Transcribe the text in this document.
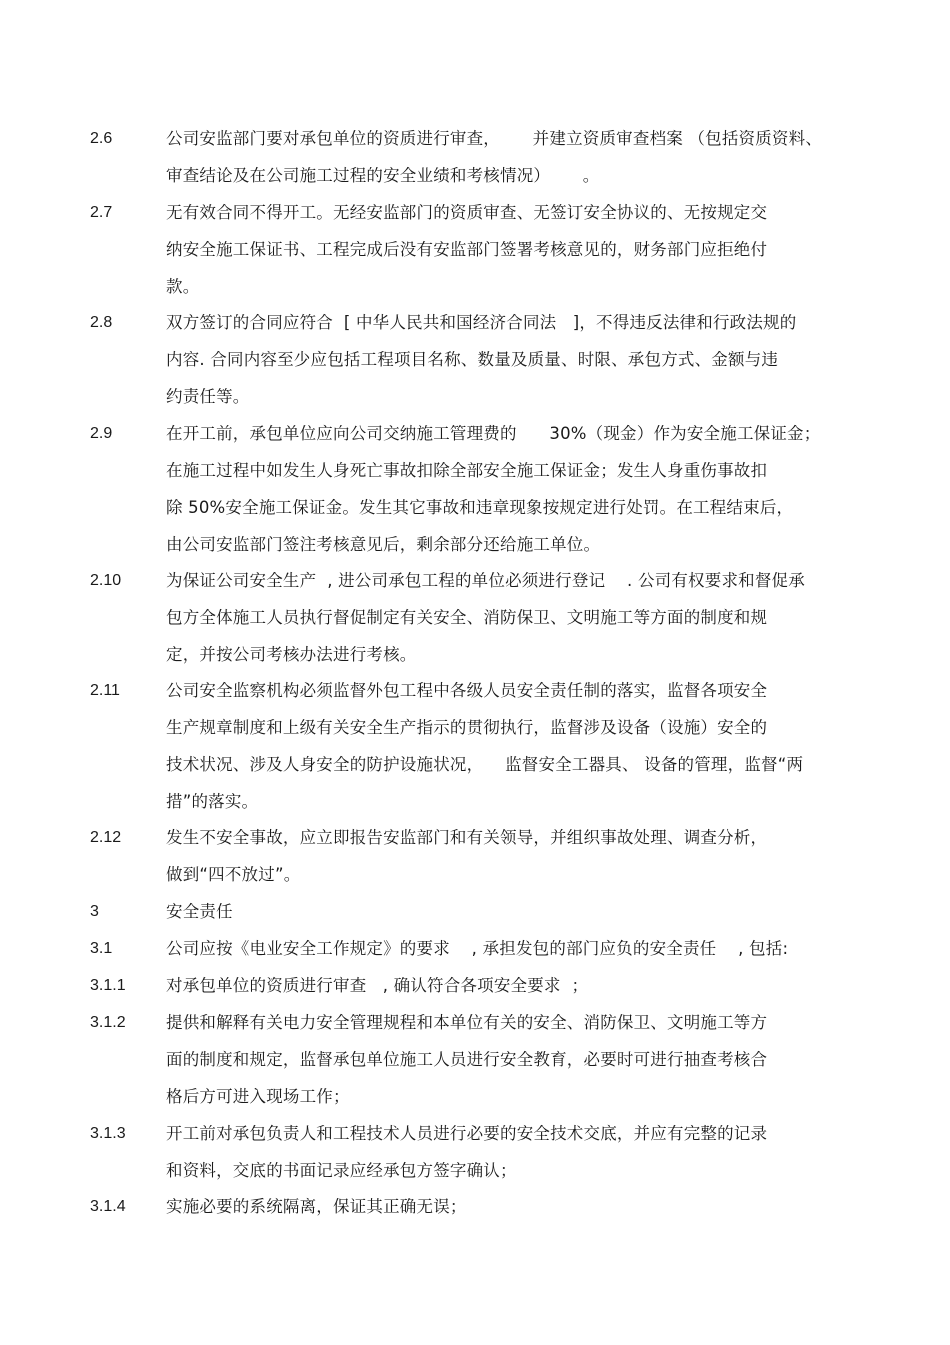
2.6	公司安监部门要对承包单位的资质进行审查，      并建立资质审查档案 （包括资质资料、
审查结论及在公司施工过程的安全业绩和考核情况）      。
2.7	无有效合同不得开工。无经安监部门的资质审查、无签订安全协议的、无按规定交
纳安全施工保证书、工程完成后没有安监部门签署考核意见的，财务部门应拒绝付
款。
2.8	双方签订的合同应符合  [ 中华人民共和国经济合同法   ]，不得违反法律和行政法规的
内容. 合同内容至少应包括工程项目名称、数量及质量、时限、承包方式、金额与违
约责任等。
2.9	在开工前，承包单位应向公司交纳施工管理费的      30%（现金）作为安全施工保证金；
在施工过程中如发生人身死亡事故扣除全部安全施工保证金；发生人身重伤事故扣
除 50%安全施工保证金。发生其它事故和违章现象按规定进行处罚。在工程结束后，
由公司安监部门签注考核意见后，剩余部分还给施工单位。
2.10	为保证公司安全生产  , 进公司承包工程的单位必须进行登记    . 公司有权要求和督促承
包方全体施工人员执行督促制定有关安全、消防保卫、文明施工等方面的制度和规
定，并按公司考核办法进行考核。
2.11	公司安全监察机构必须监督外包工程中各级人员安全责任制的落实，监督各项安全
生产规章制度和上级有关安全生产指示的贯彻执行，监督涉及设备（设施）安全的
技术状况、涉及人身安全的防护设施状况，    监督安全工器具、 设备的管理，监督“两
措”的落实。
2.12	发生不安全事故，应立即报告安监部门和有关领导，并组织事故处理、调查分析，
做到“四不放过”。
3	安全责任
3.1	公司应按《电业安全工作规定》的要求    , 承担发包的部门应负的安全责任    , 包括:
3.1.1 对承包单位的资质进行审查   , 确认符合各项安全要求  ；
3.1.2 提供和解释有关电力安全管理规程和本单位有关的安全、消防保卫、文明施工等方
面的制度和规定，监督承包单位施工人员进行安全教育，必要时可进行抽查考核合
格后方可进入现场工作；
3.1.3 开工前对承包负责人和工程技术人员进行必要的安全技术交底，并应有完整的记录
和资料，交底的书面记录应经承包方签字确认；
3.1.4 实施必要的系统隔离，保证其正确无误；
